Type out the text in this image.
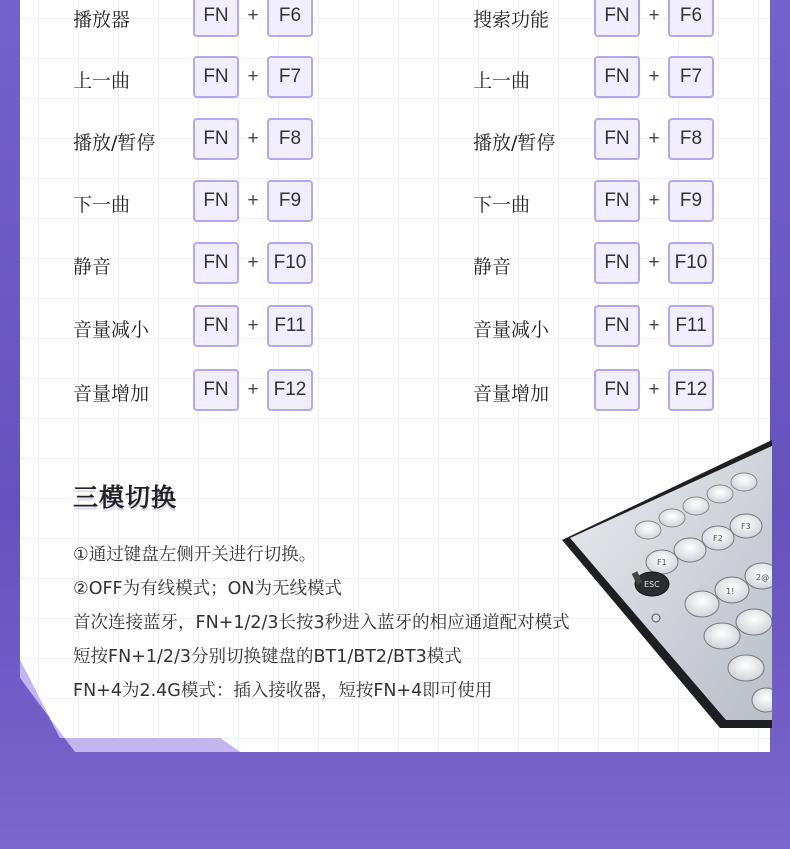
播放器	FN +	F6
上一曲	FN +	F7
播放/暂停	FN +	F8
下一曲	FN +	F9
静音	FN + F10
音量减小	FN + F11
音量增加	FN + F12
搜索功能	FN +	F6
上一曲	FN +	F7
播放/暂停	FN +	F8
下一曲	FN +	F9
静音	FN + F10
音量减小	FN + F11
音量增加	FN + F12
三模切换
①通过键盘左侧开关进行切换。
②OFF为有线模式；ON为无线模式
首次连接蓝牙，FN+1/2/3长按3秒进入蓝牙的相应通道配对模式
短按FN+1/2/3分别切换键盘的BT1/BT2/BT3模式
FN+4为2.4G模式：插入接收器，短按FN+4即可使用
F1
F2
F3
ESC
1!
2@
